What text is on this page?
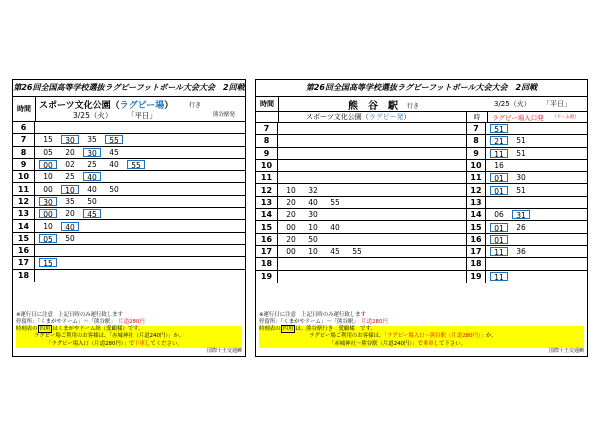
第26回全国高等学校選抜ラグビーフットボール大会大会　2回戦
時間 スポーツ文化公園（ラグビー場）	行き
熊谷駅発
3/25（火） 「平日」
6
7	15	30	35	55
8	05	20	30	45
9	00	02	25	40	55
10	10	25	40
11	00	10	40	50
12	30	35	50
13	00	20	45
14	10	40
15	05	50
16
17	15
18
※運行日に注意　上記日時のみ運行致します
停留所：「くまがやドーム」～「熊谷駅」　片道280円
時刻表の 四角 はくまがやドーム経（愛顧様）です。
ラグビー場ご利用のお客様は、「赤城神社（片道240円）」か、
「ラグビー場入口（片道280円）」で下車してください。
国際十王交通㈱
第26回全国高等学校選抜ラグビーフットボール大会大会　2回戦
時間	熊　谷　駅 行き	3/25（火） 「平日」
スポーツ文化公園（ラグビー発）	時	ラグビー場入口発 （ドーム経）
7	7	51
8	8	21	51
9	9	11	51
10	10	16
11	11	01	30
12	10	32	12	01	51
13	20	40	55	13
14	20	30	14	06	31
15	00	10	40	15	01	26
16	20	50	16	01
17	00	10	45	55	17	11	36
18	18
19	19	11
※運行日に注意　上記日時のみ運行致します
停留所：「くまがやドーム」～「熊谷駅」　片道280円
時刻表の 四角 は、熊谷駅行き　愛顧様　です。
ラグビー場ご利用のお客様は、「ラグビー場入口～熊谷駅（片道280円）」か、
「赤城神社～熊谷駅（片道240円）」で乗車して下さい。
国際十王交通㈱
